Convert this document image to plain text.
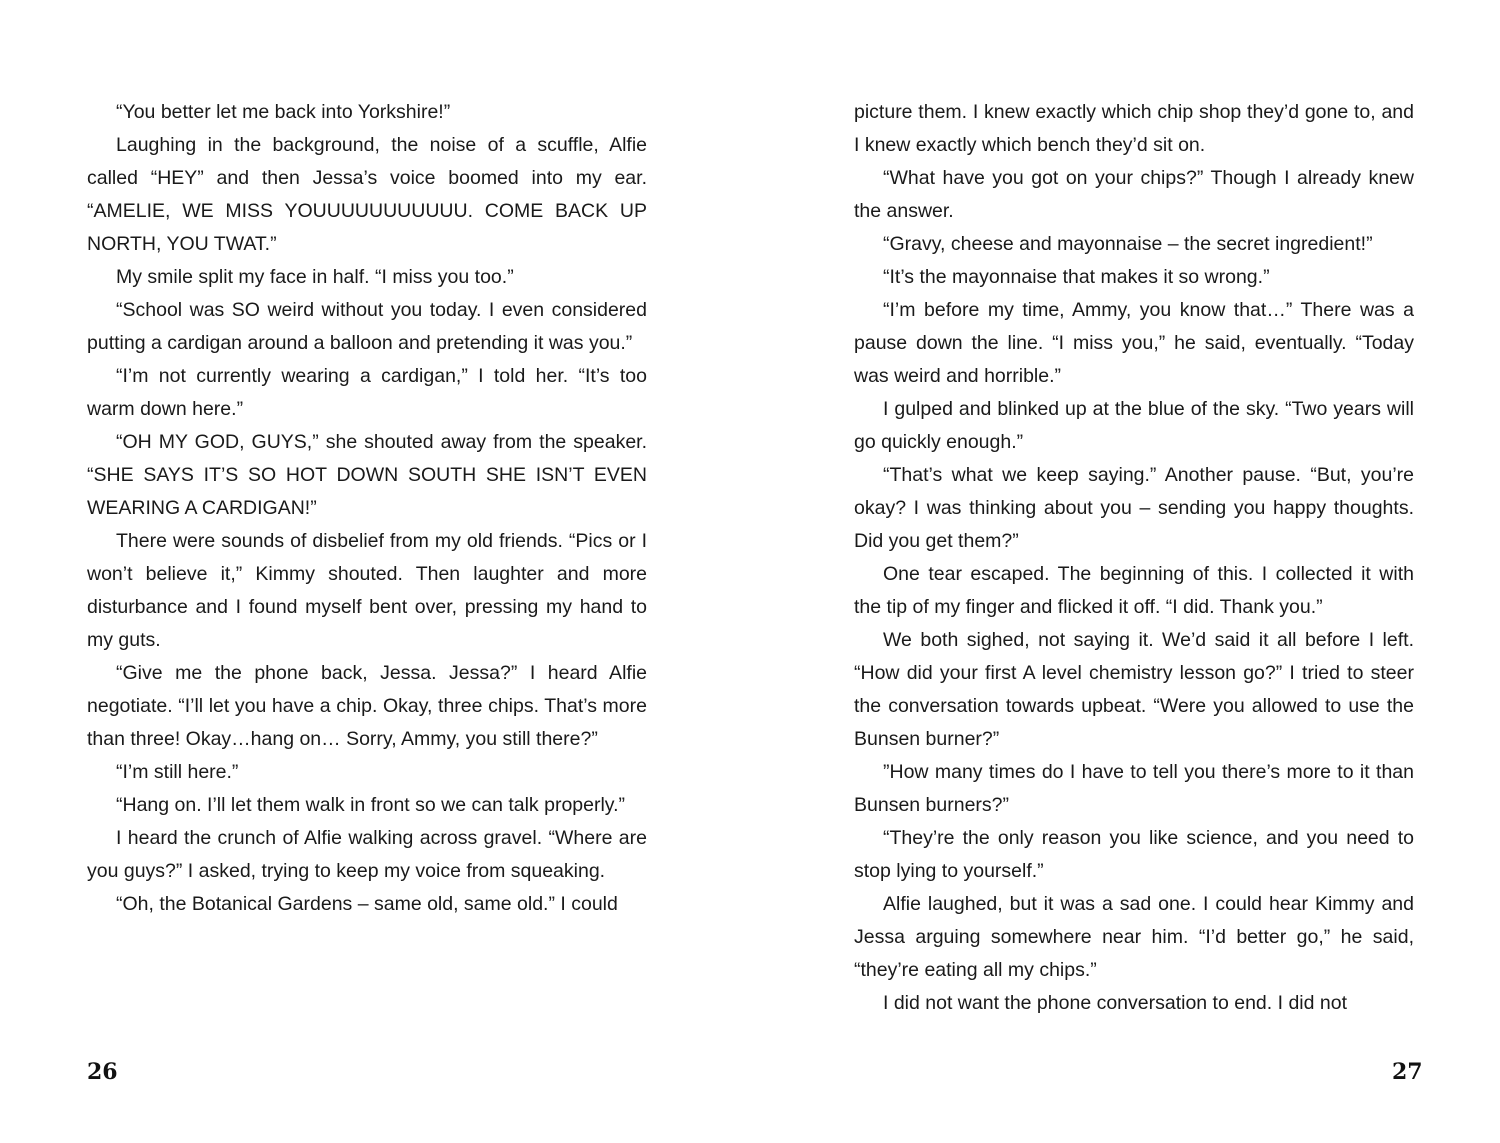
“You better let me back into Yorkshire!”

Laughing in the background, the noise of a scuffle, Alfie called “HEY” and then Jessa’s voice boomed into my ear. “AMELIE, WE MISS YOUUUUUUUUUUU. COME BACK UP NORTH, YOU TWAT.”

My smile split my face in half. “I miss you too.”

“School was SO weird without you today. I even considered putting a cardigan around a balloon and pretending it was you.”

“I’m not currently wearing a cardigan,” I told her. “It’s too warm down here.”

“OH MY GOD, GUYS,” she shouted away from the speaker. “SHE SAYS IT’S SO HOT DOWN SOUTH SHE ISN’T EVEN WEARING A CARDIGAN!”

There were sounds of disbelief from my old friends. “Pics or I won’t believe it,” Kimmy shouted. Then laughter and more disturbance and I found myself bent over, pressing my hand to my guts.

“Give me the phone back, Jessa. Jessa?” I heard Alfie negotiate. “I’ll let you have a chip. Okay, three chips. That’s more than three! Okay…hang on… Sorry, Ammy, you still there?”

“I’m still here.”

“Hang on. I’ll let them walk in front so we can talk properly.”

I heard the crunch of Alfie walking across gravel. “Where are you guys?” I asked, trying to keep my voice from squeaking.

“Oh, the Botanical Gardens – same old, same old.” I could

26

picture them. I knew exactly which chip shop they’d gone to, and I knew exactly which bench they’d sit on.

“What have you got on your chips?” Though I already knew the answer.

“Gravy, cheese and mayonnaise – the secret ingredient!”

“It’s the mayonnaise that makes it so wrong.”

“I’m before my time, Ammy, you know that…” There was a pause down the line. “I miss you,” he said, eventually. “Today was weird and horrible.”

I gulped and blinked up at the blue of the sky. “Two years will go quickly enough.”

“That’s what we keep saying.” Another pause. “But, you’re okay? I was thinking about you – sending you happy thoughts. Did you get them?”

One tear escaped. The beginning of this. I collected it with the tip of my finger and flicked it off. “I did. Thank you.”

We both sighed, not saying it. We’d said it all before I left. “How did your first A level chemistry lesson go?” I tried to steer the conversation towards upbeat. “Were you allowed to use the Bunsen burner?”

”How many times do I have to tell you there’s more to it than Bunsen burners?”

“They’re the only reason you like science, and you need to stop lying to yourself.”

Alfie laughed, but it was a sad one. I could hear Kimmy and Jessa arguing somewhere near him. “I’d better go,” he said, “they’re eating all my chips.”

I did not want the phone conversation to end. I did not

27
